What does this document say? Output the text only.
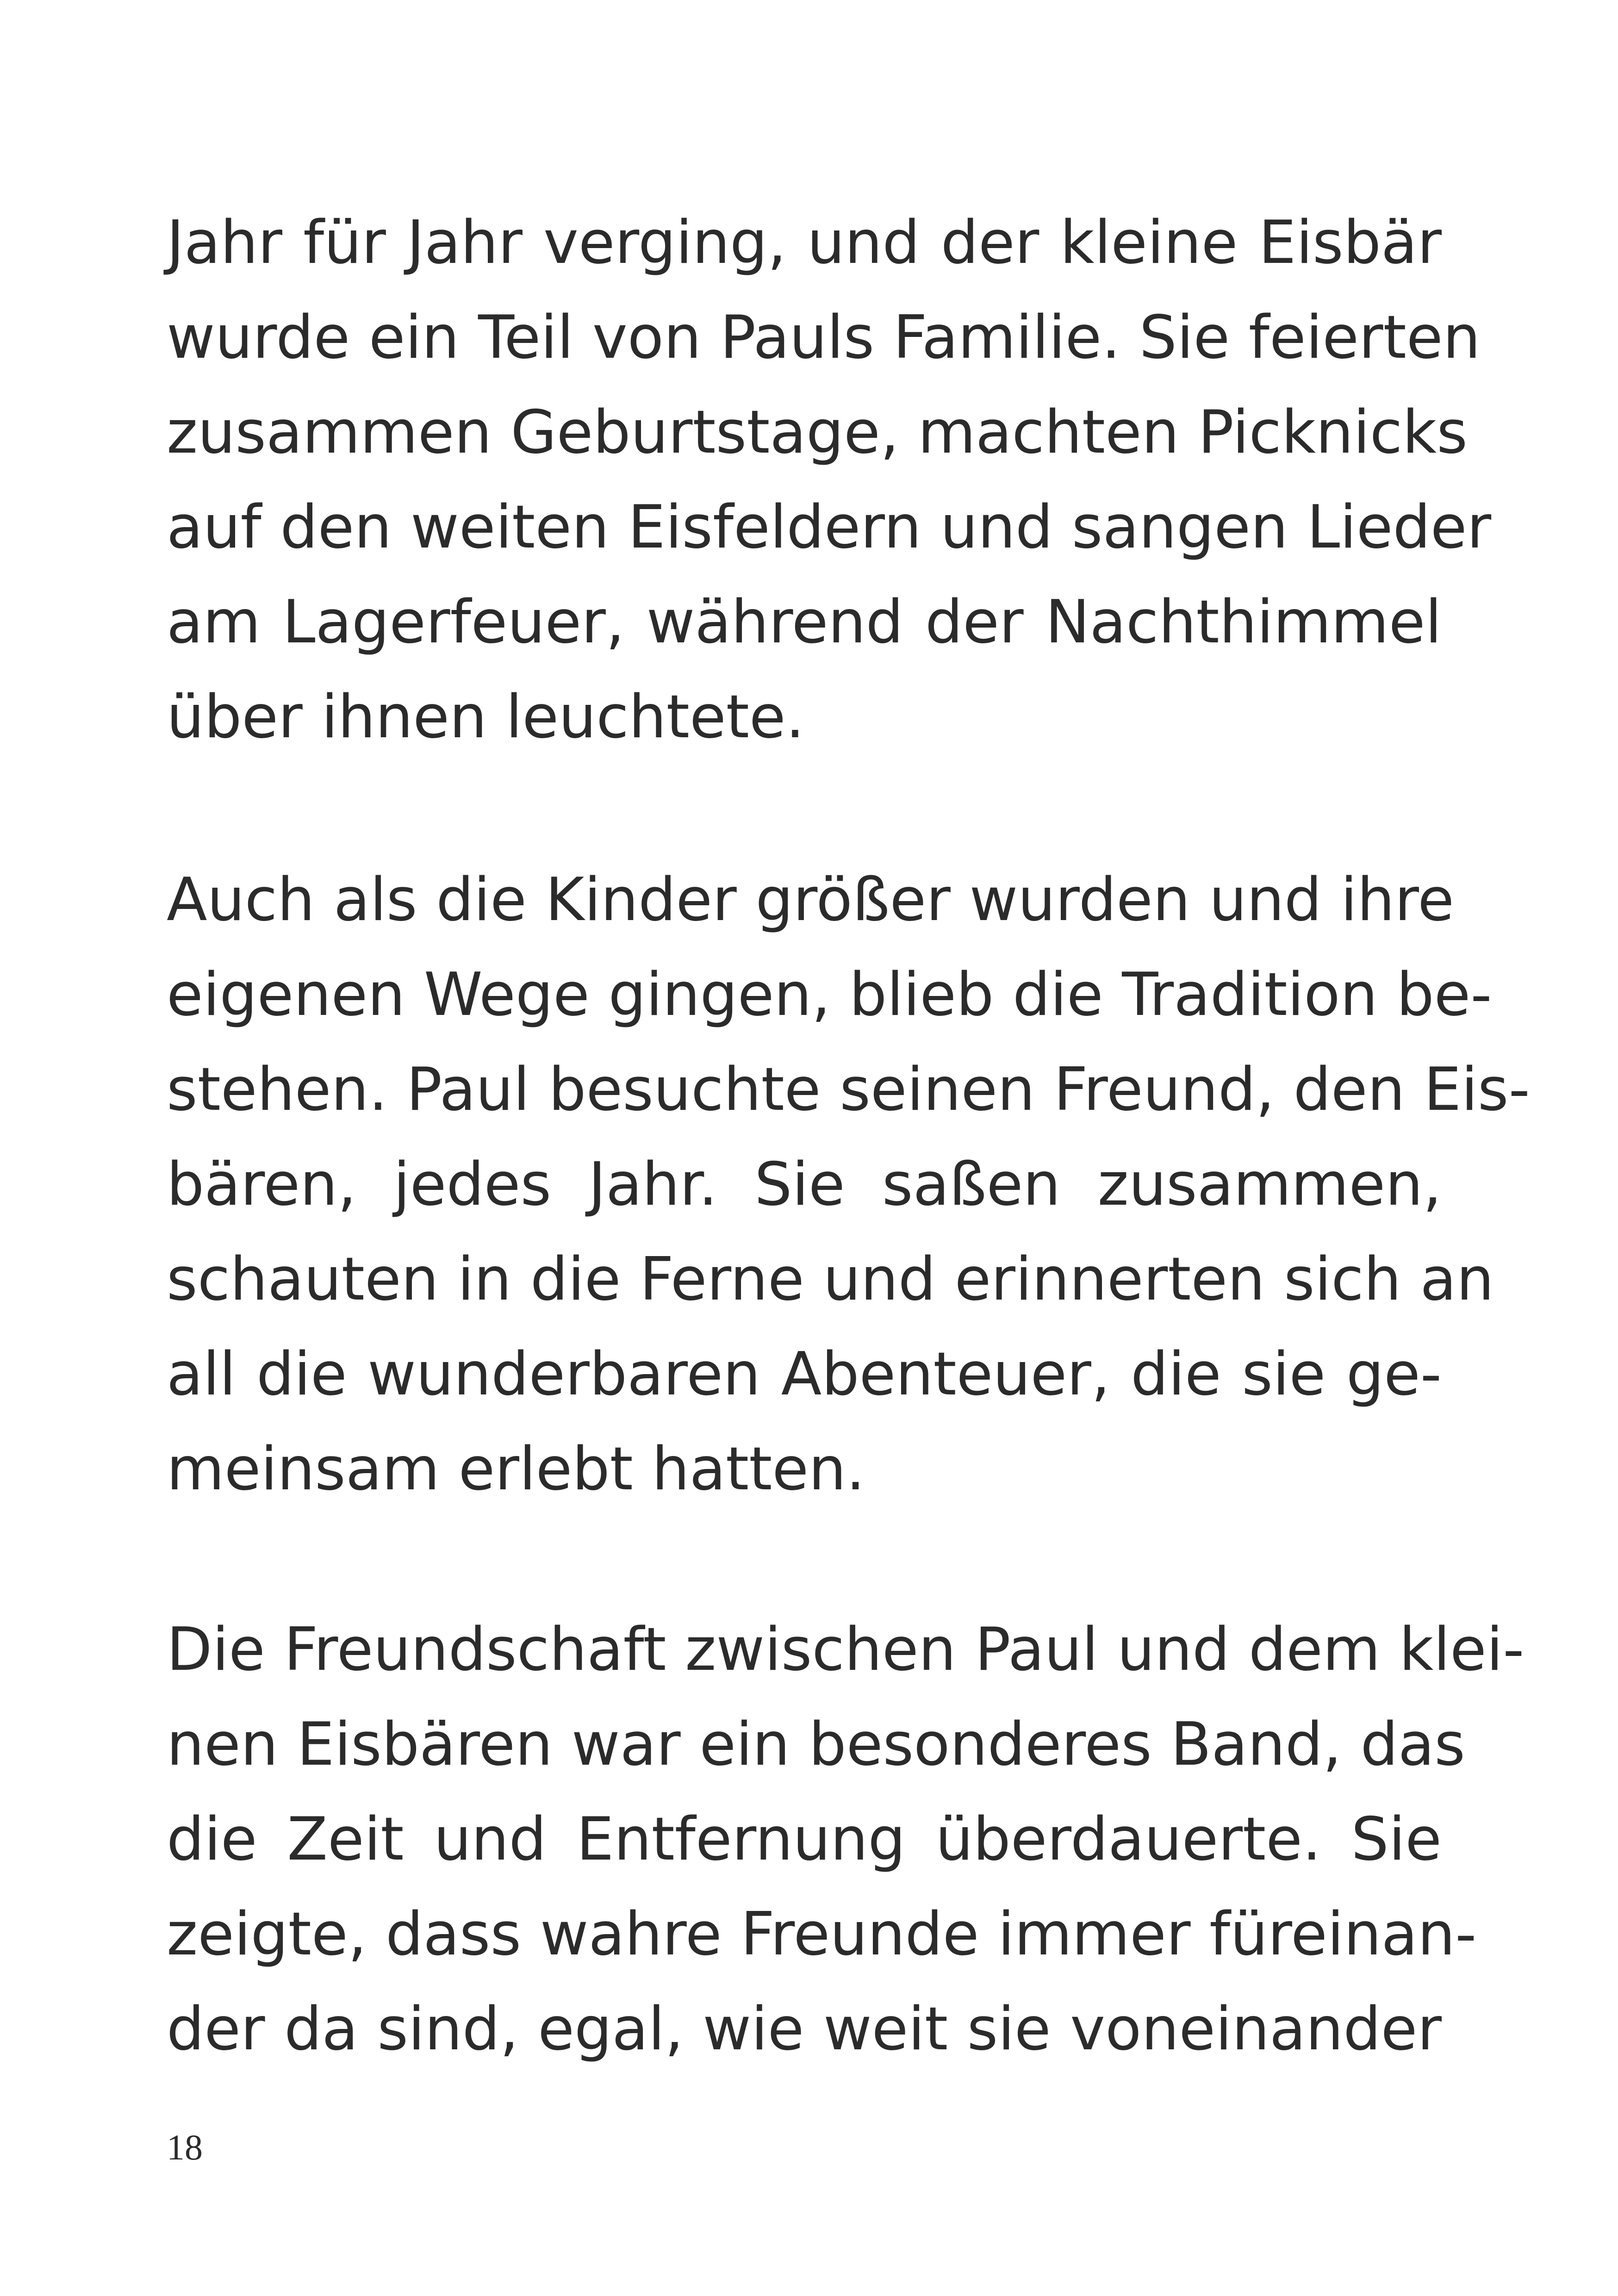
Jahr für Jahr verging, und der kleine Eisbär
wurde ein Teil von Pauls Familie. Sie feierten
zusammen Geburtstage, machten Picknicks
auf den weiten Eisfeldern und sangen Lieder
am Lagerfeuer, während der Nachthimmel
über ihnen leuchtete.
Auch als die Kinder größer wurden und ihre
eigenen Wege gingen, blieb die Tradition be-
stehen. Paul besuchte seinen Freund, den Eis-
bären, jedes Jahr. Sie saßen zusammen,
schauten in die Ferne und erinnerten sich an
all die wunderbaren Abenteuer, die sie ge-
meinsam erlebt hatten.
Die Freundschaft zwischen Paul und dem klei-
nen Eisbären war ein besonderes Band, das
die Zeit und Entfernung überdauerte. Sie
zeigte, dass wahre Freunde immer füreinan-
der da sind, egal, wie weit sie voneinander
18
